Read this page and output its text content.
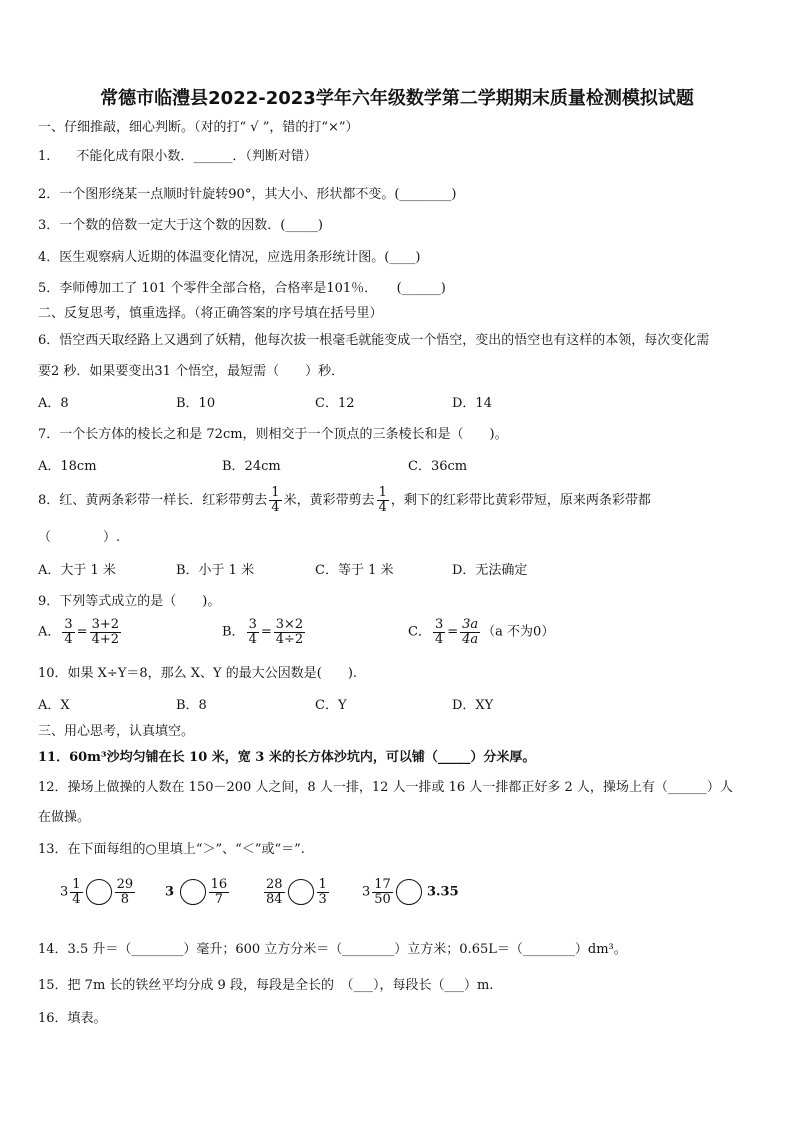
常德市临澧县2022-2023学年六年级数学第二学期期末质量检测模拟试题
一、仔细推敲，细心判断。（对的打“ √ ”，错的打“×”）
1.　　不能化成有限小数．______．（判断对错）
2．一个图形绕某一点顺时针旋转90°，其大小、形状都不变。(________)
3．一个数的倍数一定大于这个数的因数．(_____)
4．医生观察病人近期的体温变化情况，应选用条形统计图。(____)
5．李师傅加工了 101 个零件全部合格，合格率是101％．　　(______)
二、反复思考，慎重选择。（将正确答案的序号填在括号里）
6．悟空西天取经路上又遇到了妖精，他每次拔一根毫毛就能变成一个悟空，变出的悟空也有这样的本领，每次变化需
要2 秒．如果要变出31 个悟空，最短需（　　）秒．
A．8	B．10	C．12	D．14
7．一个长方体的棱长之和是 72cm，则相交于一个顶点的三条棱长和是（　　)。
A．18cm	B．24cm	C．36cm
8．红、黄两条彩带一样长．红彩带剪去 $\frac{1}{4}$ 米，黄彩带剪去 $\frac{1}{4}$ ，剩下的红彩带比黄彩带短，原来两条彩带都
（　　　　）.
A．大于 1 米	B．小于 1 米	C．等于 1 米	D．无法确定
9．下列等式成立的是（　　)。
A． $\frac{3}{4} = \frac{3+2}{4+2}$	B． $\frac{3}{4} = \frac{3\times 2}{4\div 2}$	C． $\frac{3}{4} = \frac{3a}{4a} (a$ 不为0）
10．如果 X÷Y＝8，那么 X、Y 的最大公因数是(　　).
A．X	B．8	C．Y	D．XY
三、用心思考，认真填空。
11．60m³沙均匀铺在长 10 米，宽 3 米的长方体沙坑内，可以铺（_____）分米厚。
12．操场上做操的人数在 150－200 人之间，8 人一排，12 人一排或 16 人一排都正好多 2 人，操场上有（______）人
在做操。
13．在下面每组的○里填上“＞”、“＜”或“＝”.
$3 \frac{1}{4} \frac{29}{8} 3$	$\frac{16}{7}$	$\frac{28}{84} \frac{1}{3}$	$3 \frac{17}{50}$	3.35
14．3.5 升＝（________）毫升；600 立方分米＝（________）立方米；0.65L＝（________）dm³。
15．把 7m 长的铁丝平均分成 9 段，每段是全长的　（___），每段长（___）m.
16．填表。
